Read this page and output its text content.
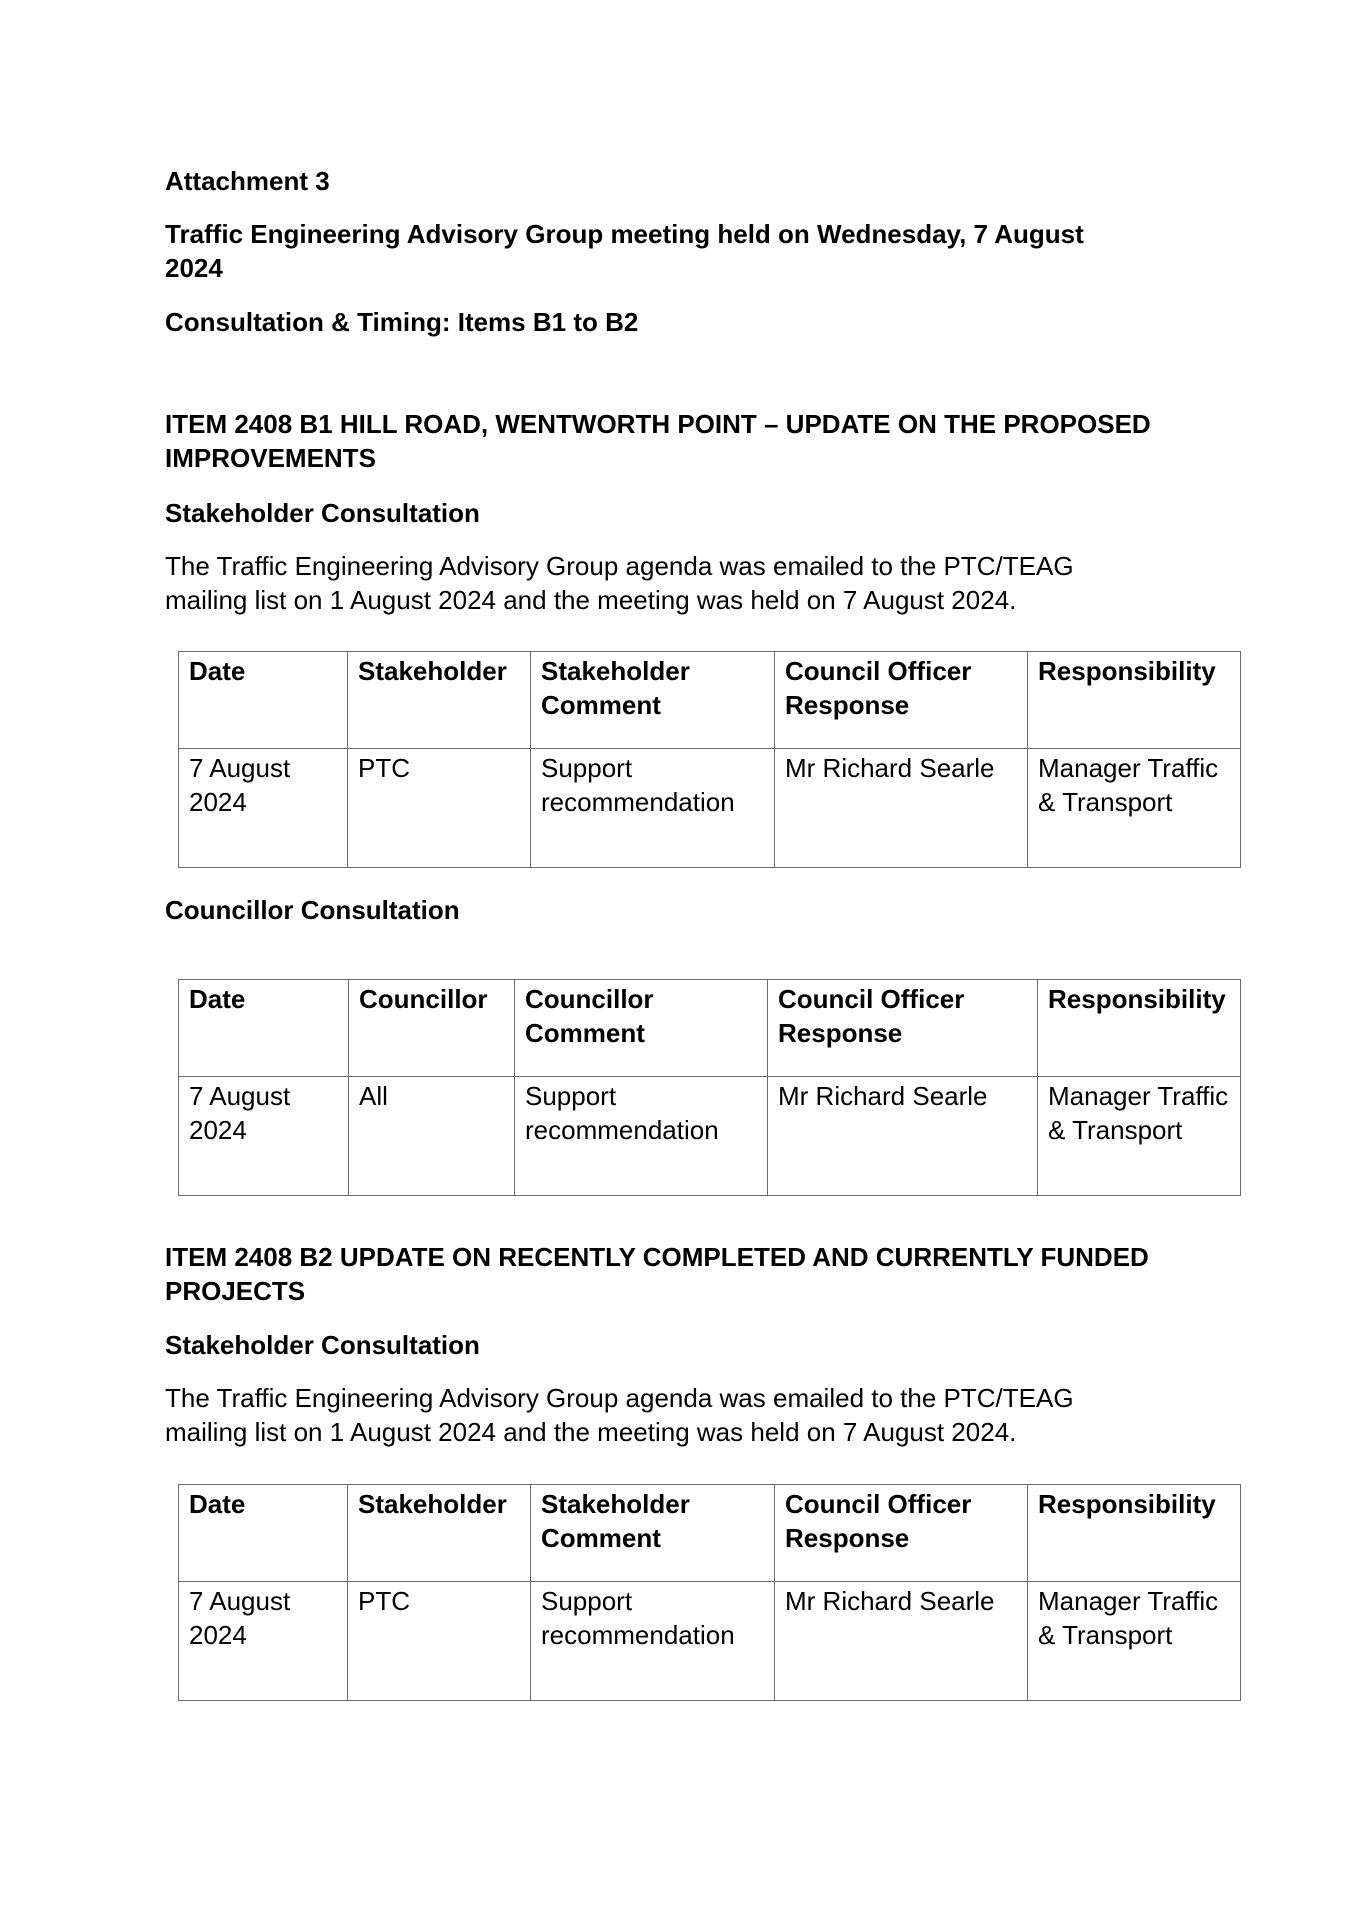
Attachment 3

Traffic Engineering Advisory Group meeting held on Wednesday, 7 August

2024

Consultation & Timing: Items B1 to B2

ITEM 2408 B1 HILL ROAD, WENTWORTH POINT – UPDATE ON THE PROPOSED

IMPROVEMENTS

Stakeholder Consultation

The Traffic Engineering Advisory Group agenda was emailed to the PTC/TEAG

mailing list on 1 August 2024 and the meeting was held on 7 August 2024.

Date	Stakeholder	Stakeholder Comment	Council Officer Response	Responsibility
7 August 2024	PTC	Support recommendation	Mr Richard Searle	Manager Traffic & Transport

Councillor Consultation

Date	Councillor	Councillor Comment	Council Officer Response	Responsibility
7 August 2024	All	Support recommendation	Mr Richard Searle	Manager Traffic & Transport

ITEM 2408 B2 UPDATE ON RECENTLY COMPLETED AND CURRENTLY FUNDED

PROJECTS

Stakeholder Consultation

The Traffic Engineering Advisory Group agenda was emailed to the PTC/TEAG

mailing list on 1 August 2024 and the meeting was held on 7 August 2024.

Date	Stakeholder	Stakeholder Comment	Council Officer Response	Responsibility
7 August 2024	PTC	Support recommendation	Mr Richard Searle	Manager Traffic & Transport
